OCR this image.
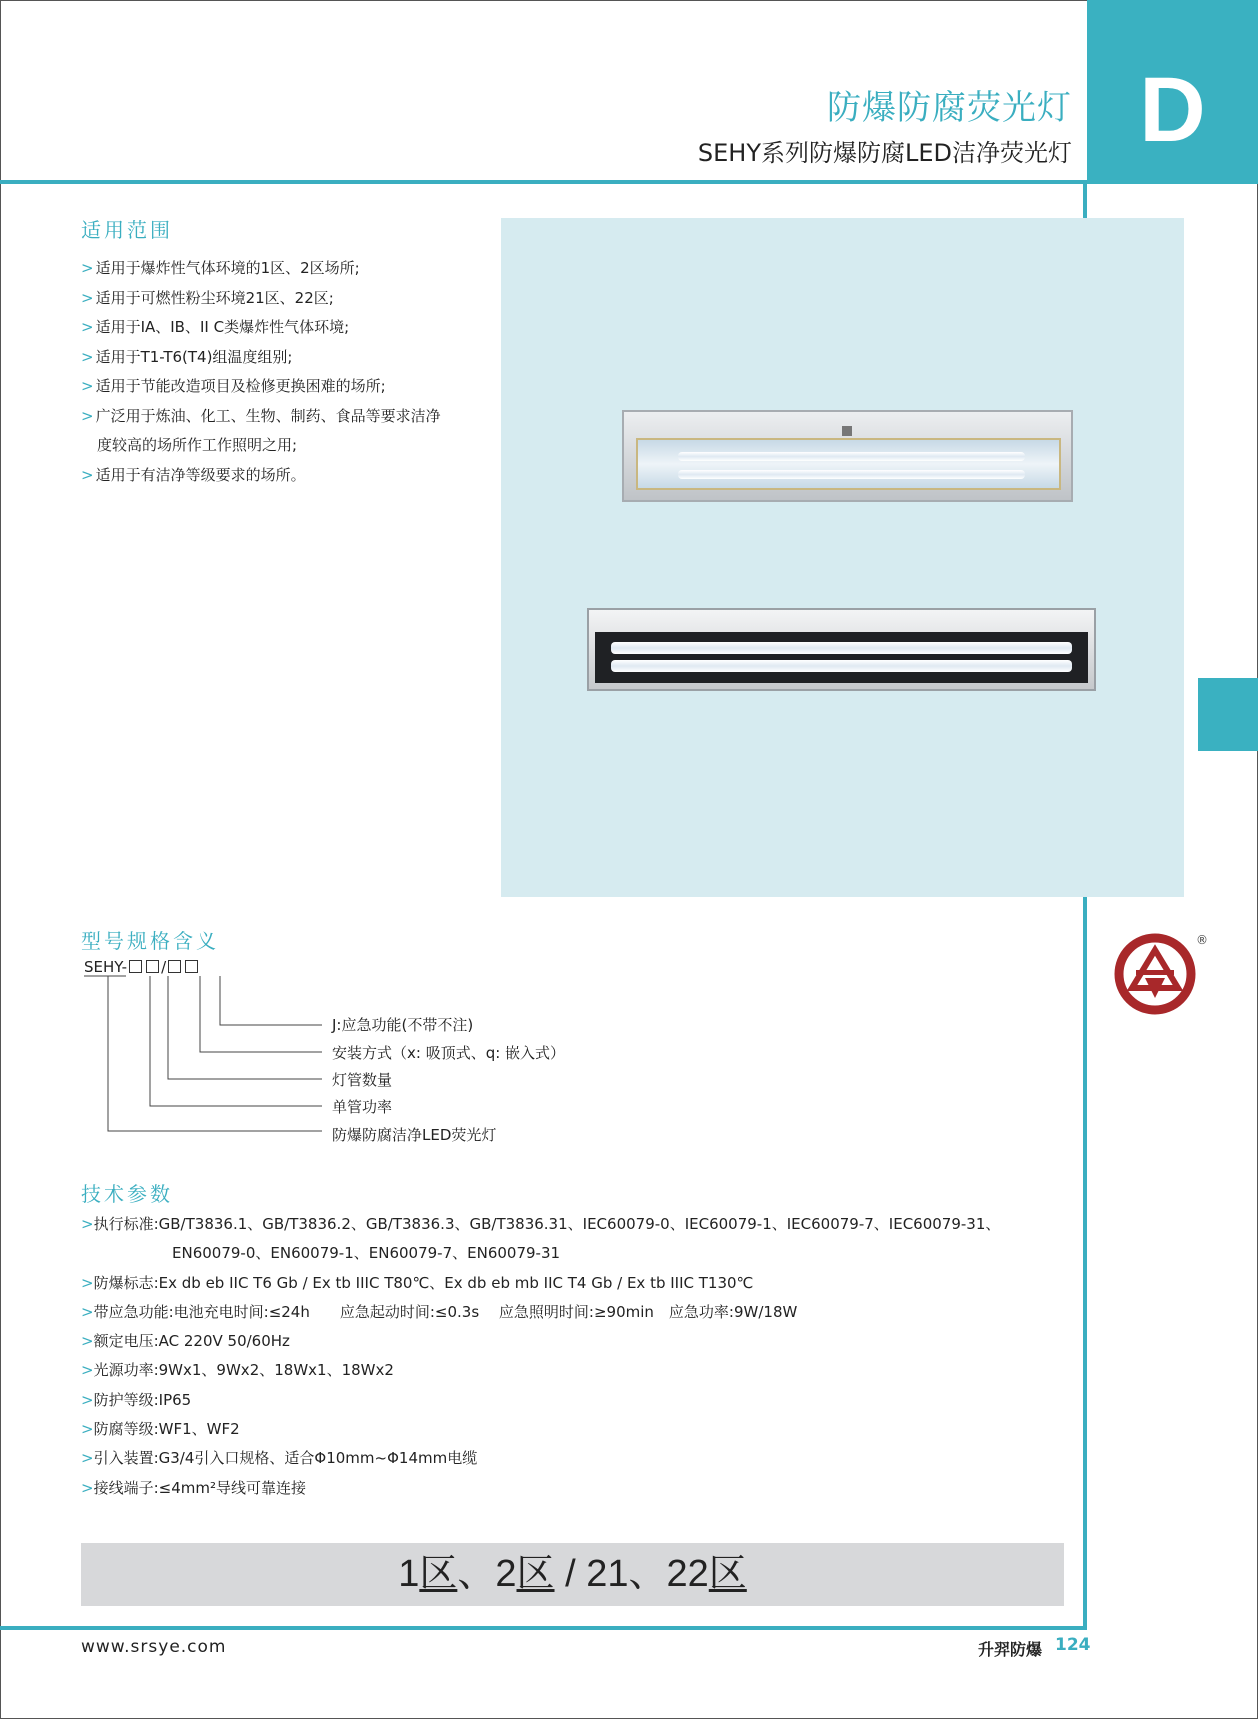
D
防爆防腐荧光灯
SEHY系列防爆防腐LED洁净荧光灯
适用范围
> 适用于爆炸性气体环境的1区、2区场所;
> 适用于可燃性粉尘环境21区、22区;
> 适用于IA、IB、II C类爆炸性气体环境;
> 适用于T1-T6(T4)组温度组别;
> 适用于节能改造项目及检修更换困难的场所;
> 广泛用于炼油、化工、生物、制药、食品等要求洁净
度较高的场所作工作照明之用;
> 适用于有洁净等级要求的场所。
型号规格含义
SEHY- /
J:应急功能(不带不注)
安装方式（x: 吸顶式、q: 嵌入式）
灯管数量
单管功率
防爆防腐洁净LED荧光灯
技术参数
>执行标准:GB/T3836.1、GB/T3836.2、GB/T3836.3、GB/T3836.31、IEC60079-0、IEC60079-1、IEC60079-7、IEC60079-31、
EN60079-0、EN60079-1、EN60079-7、EN60079-31
>防爆标志:Ex db eb IIC T6 Gb / Ex tb IIIC T80℃、Ex db eb mb IIC T4 Gb / Ex tb IIIC T130℃
>带应急功能:电池充电时间:≤24h　　应急起动时间:≤0.3s　 应急照明时间:≥90min　应急功率:9W/18W
>额定电压:AC 220V 50/60Hz
>光源功率:9Wx1、9Wx2、18Wx1、18Wx2
>防护等级:IP65
>防腐等级:WF1、WF2
>引入装置:G3/4引入口规格、适合Φ10mm~Φ14mm电缆
>接线端子:≤4mm²导线可靠连接
1区、2区 / 21、22区
®
www.srsye.com	升羿防爆 124
